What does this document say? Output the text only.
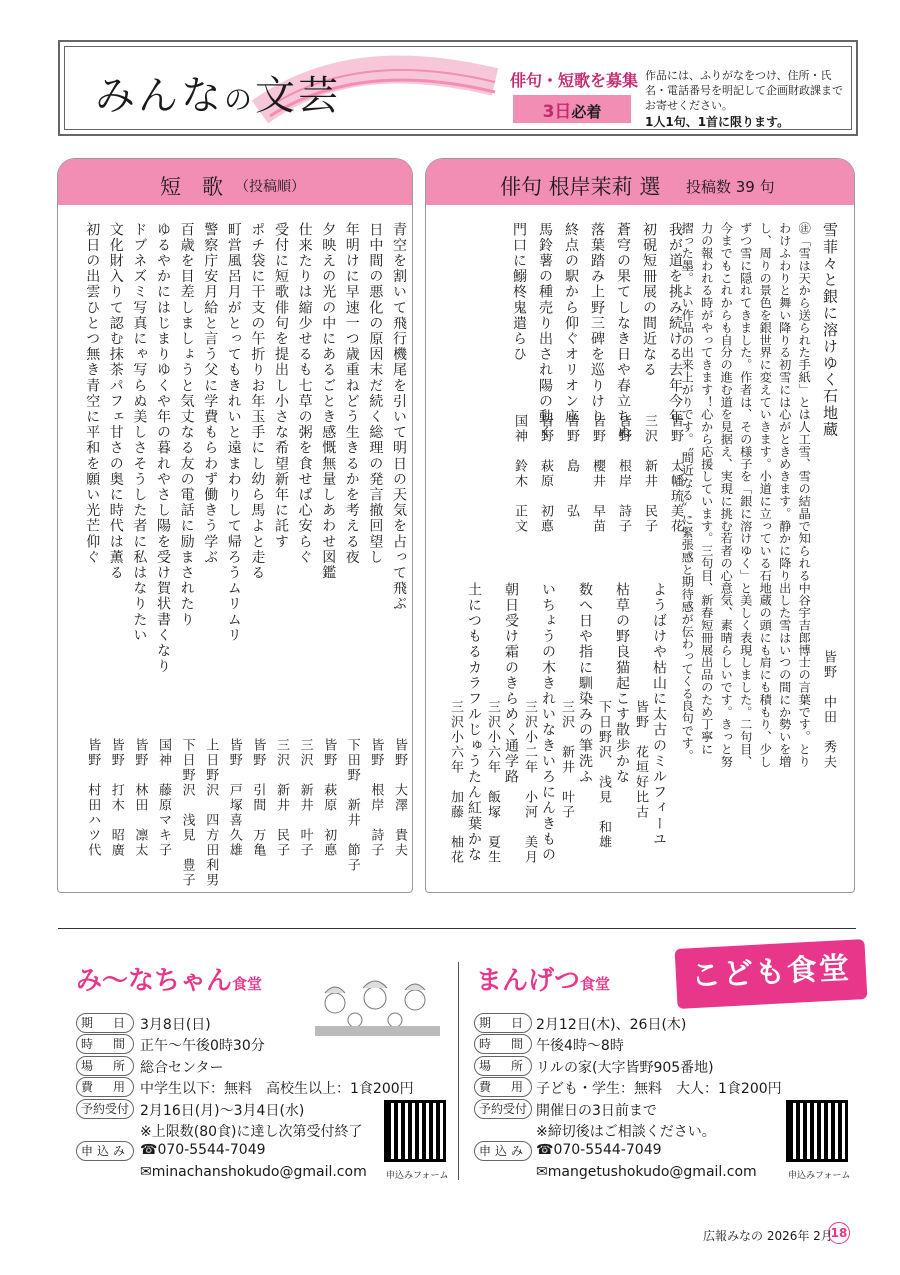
みんなの文芸	俳句・短歌を募集
3日必着
作品には、ふりがなをつけ、住所・氏名・電話番号を明記して企画財政課までお寄せください。
1人1句、1首に限ります。
短　歌 （投稿順）
青空を割いて飛行機尾を引いて明日の天気を占って飛ぶ
皆野　大澤　貴夫
日中間の悪化の原因末だ続く総理の発言撤回望し
皆野　根岸　詩子
年明けに早速一つ歳重ねどう生きるかを考える夜
下田野　新井　節子
夕映えの光の中にあるごとき感慨無量しあわせ図鑑
皆野　萩原　初悳
仕来たりは縮少せるも七草の粥を食せば心安らぐ
三沢　新井　叶子
受付に短歌俳句を提出し小さな希望新年に託す
三沢　新井　民子
ポチ袋に干支の午折りお年玉手にし幼ら馬よと走る
皆野　引間　万亀
町営風呂月がとってもきれいと遠まわりして帰ろうムリムリ
皆野　戸塚喜久雄
警察庁安月給と言う父に学費もらわず働きう学ぶ
上日野沢　四方田利男
百歳を目差しましょうと気丈なる友の電話に励まされたり
下日野沢　浅見　豊子
ゆるやかにはじまりゆくや年の暮れやさし陽を受け賀状書くなり
国神　藤原マキ子
ドブネズミ写真にゃ写らぬ美しさそうした者に私はなりたい
皆野　林田　凛太
文化財入りて認む抹茶パフェ甘さの奥に時代は薫る
皆野　打木　昭廣
初日の出雲ひとつ無き青空に平和を願い光芒仰ぐ
皆野　村田ハツ代
俳句 根岸茉莉 選 投稿数 39 句
雪菲々と銀に溶けゆく石地蔵
皆野　中田　秀夫
㊟「雪は天から送られた手紙」とは人工雪、雪の結晶で知られる中谷宇吉郎博士の言葉です。とり
わけふわりと舞い降りる初雪には心がときめきます。静かに降り出した雪はいつの間にか勢いを増
し、周りの景色を銀世界に変えていきます。小道に立っている石地蔵の頭にも肩にも積もり、少し
ずつ雪に隠れてきました。作者は、その様子を「銀に溶けゆく」と美しく表現しました。二句目、
今までもこれからも自分の進む道を見据え、実現に挑む若者の心意気、素晴らしいです。きっと努
力の報われる時がやってきます！心から応援しています。三句目、新春短冊展出品のため丁寧に
摺った墨。よい作品の出来上がりです。〝間近なる〟に緊張感と期待感が伝わってくる良句です。
我が道を挑み続ける去年今年
皆野　太幡琉美花
初硯短冊展の間近なる
三沢　新井　民子
蒼穹の果てしなき日や春立ちぬ
皆野　根岸　詩子
落葉踏み上野三碑を巡りけり
皆野　櫻井　早苗
終点の駅から仰ぐオリオン座
皆野　島　　弘
馬鈴薯の種売り出され陽の動く
皆野　萩原　初悳
門口に鰯柊鬼遣らひ
国神　鈴木　正文
ようばけや枯山に太古のミルフィーユ
皆野　花垣好比古
枯草の野良猫起こす散歩かな
下日野沢　浅見　和雄
数へ日や指に馴染みの筆洗ふ
三沢　新井　叶子
いちょうの木きれいなきいろにんきもの
三沢小二年　小河　美月
朝日受け霜のきらめく通学路
三沢小六年　飯塚　夏生
土につもるカラフルじゅうたん紅葉かな
三沢小六年　加藤　柚花
こども食堂
み〜なちゃん食堂
期　日 3月8日(日)
時　間 正午〜午後0時30分
場　所 総合センター
費　用 中学生以下：無料　高校生以上：1食200円
予約受付 2月16日(月)〜3月4日(水)
※上限数(80食)に達し次第受付終了
申込み ☎070-5544-7049
✉minachanshokudo@gmail.com 申込みフォーム
まんげつ食堂
期　日 2月12日(木)、26日(木)
時　間 午後4時〜8時
場　所 リルの家(大字皆野905番地)
費　用 子ども・学生：無料　大人：1食200円
予約受付 開催日の3日前まで
※締切後はご相談ください。
申込み ☎070-5544-7049
✉mangetushokudo@gmail.com	申込みフォーム
広報みなの 2026年 2月
18
